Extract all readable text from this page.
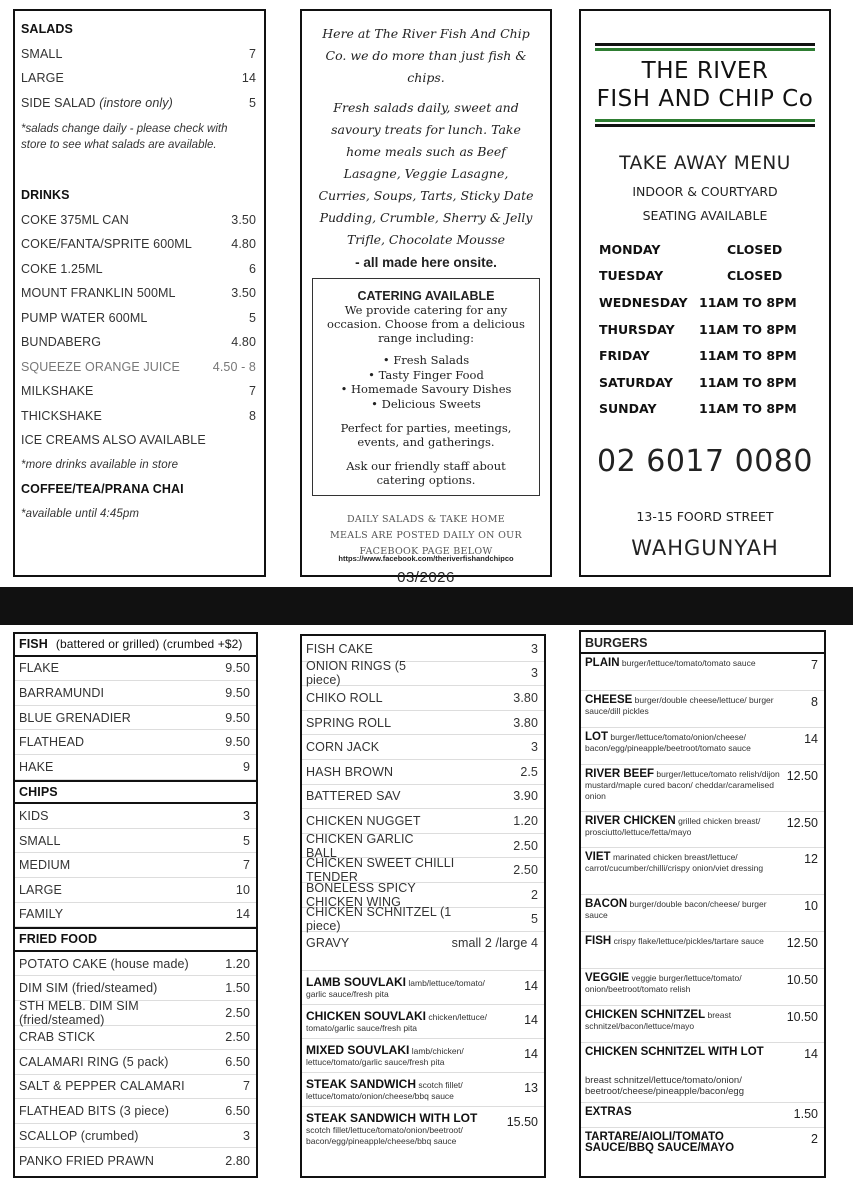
SALADS
SMALL	7
LARGE	14
SIDE SALAD (instore only)	5
*salads change daily - please check with store to see what salads are available.
DRINKS
COKE 375ML CAN	3.50
COKE/FANTA/SPRITE 600ML	4.80
COKE 1.25ML	6
MOUNT FRANKLIN 500ML	3.50
PUMP WATER 600ML	5
BUNDABERG	4.80
SQUEEZE ORANGE JUICE	4.50 - 8
MILKSHAKE	7
THICKSHAKE	8
ICE CREAMS ALSO AVAILABLE
*more drinks available in store
COFFEE/TEA/PRANA CHAI
*available until 4:45pm

Here at The River Fish And Chip Co. we do more than just fish & chips.

Fresh salads daily, sweet and savoury treats for lunch. Take home meals such as Beef Lasagne, Veggie Lasagne, Curries, Soups, Tarts, Sticky Date Pudding, Crumble, Sherry & Jelly Trifle, Chocolate Mousse

- all made here onsite.
CATERING AVAILABLE
We provide catering for any occasion. Choose from a delicious range including:
• Fresh Salads
• Tasty Finger Food
• Homemade Savoury Dishes
• Delicious Sweets
Perfect for parties, meetings, events, and gatherings.
Ask our friendly staff about catering options.
DAILY SALADS & TAKE HOME MEALS ARE POSTED DAILY ON OUR FACEBOOK PAGE BELOW
https://www.facebook.com/theriverfishandchipco
03/2026
THE RIVER
FISH AND CHIP Co
TAKE AWAY MENU
INDOOR & COURTYARD
SEATING AVAILABLE
MONDAY	CLOSED
TUESDAY	CLOSED
WEDNESDAY 11AM TO 8PM
THURSDAY	11AM TO 8PM
FRIDAY	11AM TO 8PM
SATURDAY	11AM TO 8PM
SUNDAY	11AM TO 8PM
02 6017 0080
13-15 FOORD STREET
WAHGUNYAH
FISH (battered or grilled) (crumbed +$2)
FLAKE	9.50
BARRAMUNDI	9.50
BLUE GRENADIER	9.50
FLATHEAD	9.50
HAKE	9
CHIPS
KIDS	3
SMALL	5
MEDIUM	7
LARGE	10
FAMILY	14
FRIED FOOD
POTATO CAKE (house made)	1.20
DIM SIM (fried/steamed)	1.50
STH MELB. DIM SIM (fried/steamed)	2.50
CRAB STICK	2.50
CALAMARI RING (5 pack)	6.50
SALT & PEPPER CALAMARI	7
FLATHEAD BITS (3 piece)	6.50
SCALLOP (crumbed)	3
PANKO FRIED PRAWN	2.80
FISH CAKE	3
ONION RINGS (5 piece)	3
CHIKO ROLL	3.80
SPRING ROLL	3.80
CORN JACK	3
HASH BROWN	2.5
BATTERED SAV	3.90
CHICKEN NUGGET	1.20
CHICKEN GARLIC BALL	2.50
CHICKEN SWEET CHILLI TENDER	2.50
BONELESS SPICY CHICKEN WING	2
CHICKEN SCHNITZEL (1 piece)	5
GRAVY	small 2 /large 4
LAMB SOUVLAKI lamb/lettuce/tomato/ garlic sauce/fresh pita
14
CHICKEN SOUVLAKI chicken/lettuce/ tomato/garlic sauce/fresh pita
14
MIXED SOUVLAKI lamb/chicken/ lettuce/tomato/garlic sauce/fresh pita
14
STEAK SANDWICH scotch fillet/ lettuce/tomato/onion/cheese/bbq sauce
13
STEAK SANDWICH WITH LOT
scotch fillet/lettuce/tomato/onion/beetroot/ bacon/egg/pineapple/cheese/bbq sauce
15.50
BURGERS
PLAIN burger/lettuce/tomato/tomato sauce	7
CHEESE burger/double cheese/lettuce/ burger sauce/dill pickles
8
LOT burger/lettuce/tomato/onion/cheese/ bacon/egg/pineapple/beetroot/tomato sauce
14
RIVER BEEF burger/lettuce/tomato relish/dijon mustard/maple cured bacon/ cheddar/caramelised onion
12.50
RIVER CHICKEN grilled chicken breast/ prosciutto/lettuce/fetta/mayo
12.50
VIET marinated chicken breast/lettuce/ carrot/cucumber/chilli/crispy onion/viet dressing
12
BACON burger/double bacon/cheese/ burger sauce
10
FISH crispy flake/lettuce/pickles/tartare sauce	12.50
VEGGIE veggie burger/lettuce/tomato/ onion/beetroot/tomato relish
10.50
CHICKEN SCHNITZEL breast schnitzel/bacon/lettuce/mayo
10.50
CHICKEN SCHNITZEL WITH LOT	14
breast schnitzel/lettuce/tomato/onion/ beetroot/cheese/pineapple/bacon/egg
EXTRAS	1.50
TARTARE/AIOLI/TOMATO SAUCE/BBQ SAUCE/MAYO
2
